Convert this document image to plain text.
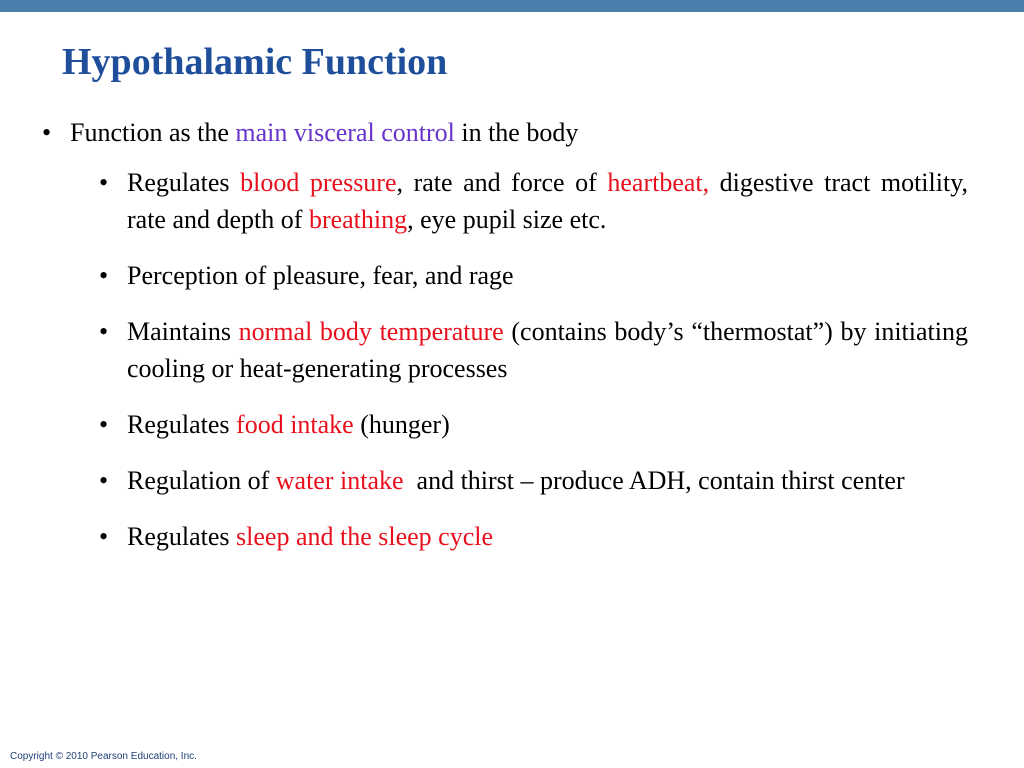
Hypothalamic Function
• Function as the main visceral control in the body
• Regulates blood pressure, rate and force of heartbeat, digestive tract motility, rate and depth of breathing, eye pupil size etc.
• Perception of pleasure, fear, and rage
• Maintains normal body temperature (contains body’s “thermostat”) by initiating cooling or heat-generating processes
• Regulates food intake (hunger)
• Regulation of water intake  and thirst – produce ADH, contain thirst center
• Regulates sleep and the sleep cycle
Copyright © 2010 Pearson Education, Inc.
